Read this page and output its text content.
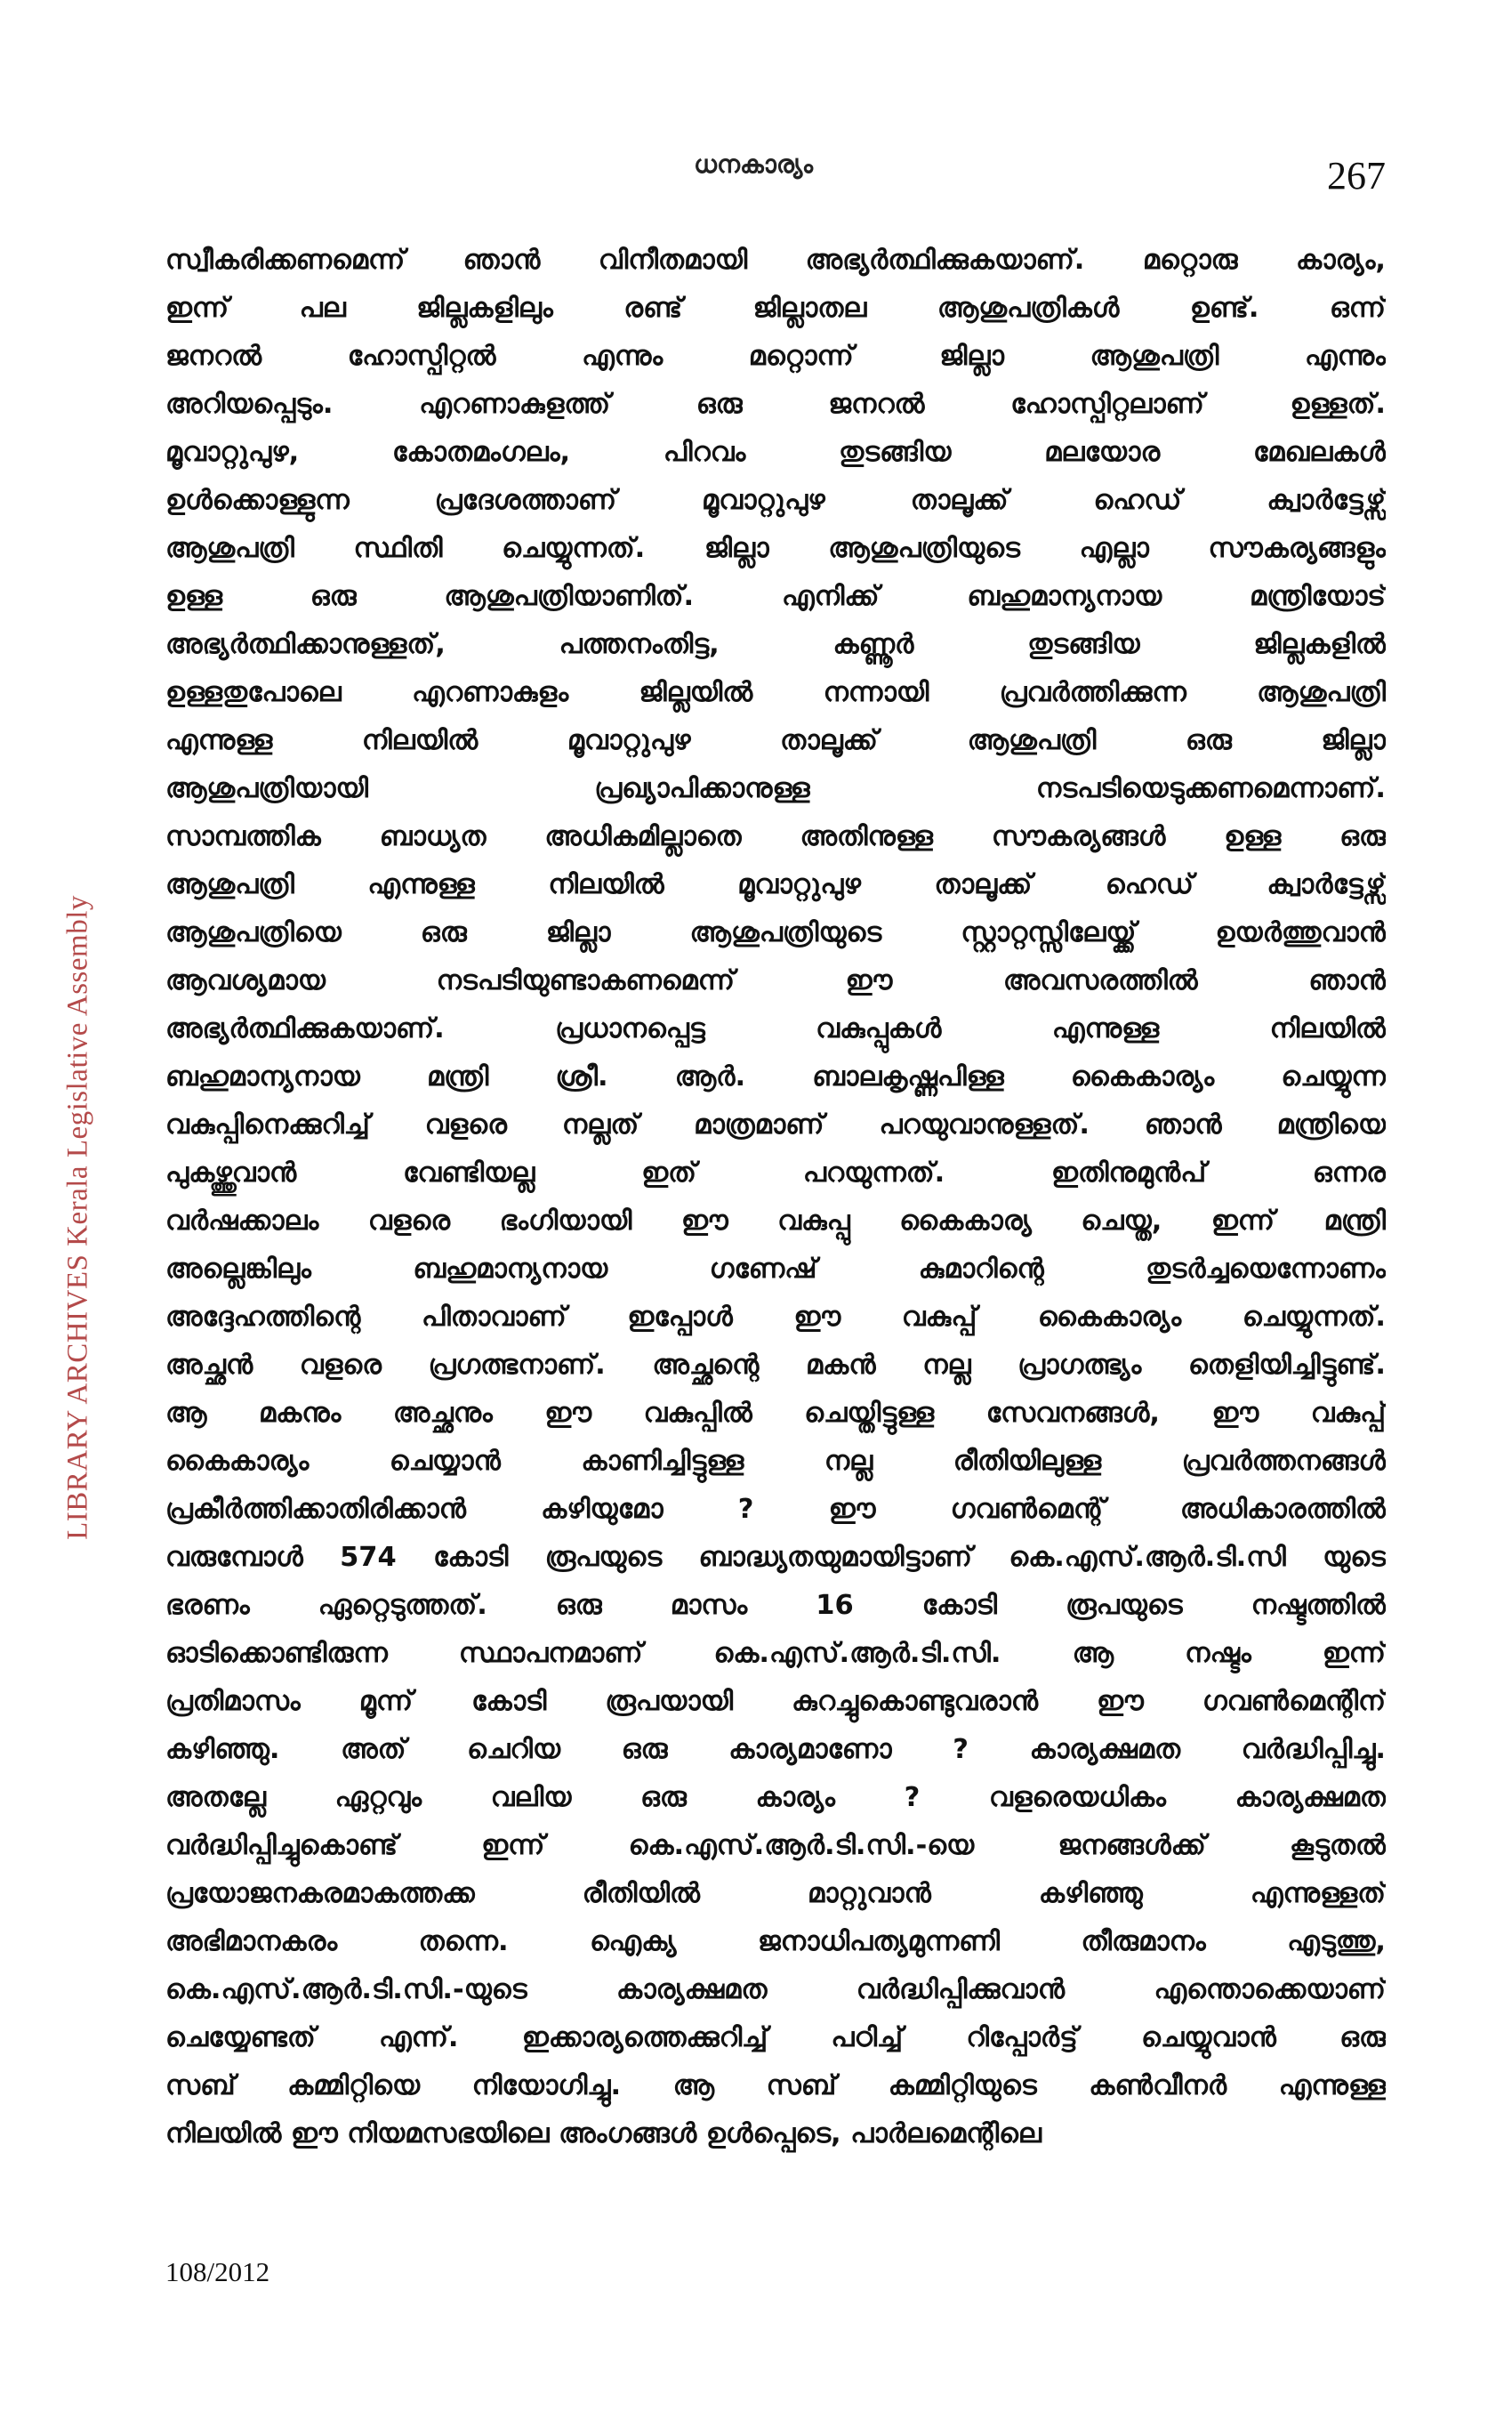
LIBRARY ARCHIVES Kerala Legislative Assembly
ധനകാര്യം	267
സ്വീകരിക്കണമെന്ന് ഞാൻ വിനീതമായി അഭ്യർത്ഥിക്കുകയാണ്. മറ്റൊരു കാര്യം,
ഇന്ന് പല ജില്ലകളിലും രണ്ട് ജില്ലാതല ആശുപത്രികൾ ഉണ്ട്. ഒന്ന്
ജനറൽ ഹോസ്പിറ്റൽ എന്നും മറ്റൊന്ന് ജില്ലാ ആശുപത്രി എന്നും
അറിയപ്പെടും. എറണാകുളത്ത് ഒരു ജനറൽ ഹോസ്പിറ്റലാണ് ഉള്ളത്.
മൂവാറ്റുപുഴ, കോതമംഗലം, പിറവം തുടങ്ങിയ മലയോര മേഖലകൾ
ഉൾക്കൊള്ളുന്ന പ്രദേശത്താണ് മൂവാറ്റുപുഴ താലൂക്ക് ഹെഡ് ക്വാർട്ടേഴ്സ്
ആശുപത്രി സ്ഥിതി ചെയ്യുന്നത്. ജില്ലാ ആശുപത്രിയുടെ എല്ലാ സൗകര്യങ്ങളും
ഉള്ള ഒരു ആശുപത്രിയാണിത്. എനിക്ക് ബഹുമാന്യനായ മന്ത്രിയോട്
അഭ്യർത്ഥിക്കാനുള്ളത്, പത്തനംതിട്ട, കണ്ണൂർ തുടങ്ങിയ ജില്ലകളിൽ
ഉള്ളതുപോലെ എറണാകുളം ജില്ലയിൽ നന്നായി പ്രവർത്തിക്കുന്ന ആശുപത്രി
എന്നുള്ള നിലയിൽ മൂവാറ്റുപുഴ താലൂക്ക് ആശുപത്രി ഒരു ജില്ലാ
ആശുപത്രിയായി പ്രഖ്യാപിക്കാനുള്ള നടപടിയെടുക്കണമെന്നാണ്.
സാമ്പത്തിക ബാധ്യത അധികമില്ലാതെ അതിനുള്ള സൗകര്യങ്ങൾ ഉള്ള ഒരു
ആശുപത്രി എന്നുള്ള നിലയിൽ മൂവാറ്റുപുഴ താലൂക്ക് ഹെഡ് ക്വാർട്ടേഴ്സ്
ആശുപത്രിയെ ഒരു ജില്ലാ ആശുപത്രിയുടെ സ്റ്റാറ്റസ്സിലേയ്ക്ക് ഉയർത്തുവാൻ
ആവശ്യമായ നടപടിയുണ്ടാകണമെന്ന് ഈ അവസരത്തിൽ ഞാൻ
അഭ്യർത്ഥിക്കുകയാണ്. പ്രധാനപ്പെട്ട വകുപ്പുകൾ എന്നുള്ള നിലയിൽ
ബഹുമാന്യനായ മന്ത്രി ശ്രീ. ആർ. ബാലകൃഷ്ണപിള്ള കൈകാര്യം ചെയ്യുന്ന
വകുപ്പിനെക്കുറിച്ച് വളരെ നല്ലത് മാത്രമാണ് പറയുവാനുള്ളത്. ഞാൻ മന്ത്രിയെ
പുകഴ്ത്തുവാൻ വേണ്ടിയല്ല ഇത് പറയുന്നത്. ഇതിനുമുൻപ് ഒന്നര
വർഷക്കാലം വളരെ ഭംഗിയായി ഈ വകുപ്പു കൈകാര്യ ചെയ്ത, ഇന്ന് മന്ത്രി
അല്ലെങ്കിലും ബഹുമാന്യനായ ഗണേഷ് കുമാറിന്റെ തുടർച്ചയെന്നോണം
അദ്ദേഹത്തിന്റെ പിതാവാണ് ഇപ്പോൾ ഈ വകുപ്പ് കൈകാര്യം ചെയ്യുന്നത്.
അച്ഛൻ വളരെ പ്രഗത്ഭനാണ്. അച്ഛന്റെ മകൻ നല്ല പ്രാഗത്ഭ്യം തെളിയിച്ചിട്ടുണ്ട്.
ആ മകനും അച്ഛനും ഈ വകുപ്പിൽ ചെയ്തിട്ടുള്ള സേവനങ്ങൾ, ഈ വകുപ്പ്
കൈകാര്യം ചെയ്യാൻ കാണിച്ചിട്ടുള്ള നല്ല രീതിയിലുള്ള പ്രവർത്തനങ്ങൾ
പ്രകീർത്തിക്കാതിരിക്കാൻ കഴിയുമോ ? ഈ ഗവൺമെന്റ് അധികാരത്തിൽ
വരുമ്പോൾ 574 കോടി രൂപയുടെ ബാദ്ധ്യതയുമായിട്ടാണ് കെ.എസ്.ആർ.ടി.സി യുടെ
ഭരണം ഏറ്റെടുത്തത്. ഒരു മാസം 16 കോടി രൂപയുടെ നഷ്ടത്തിൽ
ഓടിക്കൊണ്ടിരുന്ന സ്ഥാപനമാണ് കെ.എസ്.ആർ.ടി.സി. ആ നഷ്ടം ഇന്ന്
പ്രതിമാസം മൂന്ന് കോടി രൂപയായി കുറച്ചുകൊണ്ടുവരാൻ ഈ ഗവൺമെന്റിന്
കഴിഞ്ഞു. അത് ചെറിയ ഒരു കാര്യമാണോ ? കാര്യക്ഷമത വർദ്ധിപ്പിച്ചു.
അതല്ലേ ഏറ്റവും വലിയ ഒരു കാര്യം ? വളരെയധികം കാര്യക്ഷമത
വർദ്ധിപ്പിച്ചുകൊണ്ട് ഇന്ന് കെ.എസ്.ആർ.ടി.സി.-യെ ജനങ്ങൾക്ക് കൂടുതൽ
പ്രയോജനകരമാകത്തക്ക രീതിയിൽ മാറ്റുവാൻ കഴിഞ്ഞു എന്നുള്ളത്
അഭിമാനകരം തന്നെ. ഐക്യ ജനാധിപത്യമുന്നണി തീരുമാനം എടുത്തു,
കെ.എസ്.ആർ.ടി.സി.-യുടെ കാര്യക്ഷമത വർദ്ധിപ്പിക്കുവാൻ എന്തൊക്കെയാണ്
ചെയ്യേണ്ടത് എന്ന്. ഇക്കാര്യത്തെക്കുറിച്ച് പഠിച്ച് റിപ്പോർട്ട് ചെയ്യുവാൻ ഒരു
സബ് കമ്മിറ്റിയെ നിയോഗിച്ചു. ആ സബ് കമ്മിറ്റിയുടെ കൺവീനർ എന്നുള്ള
നിലയിൽ ഈ നിയമസഭയിലെ അംഗങ്ങൾ ഉൾപ്പെടെ, പാർലമെന്റിലെ
108/2012
